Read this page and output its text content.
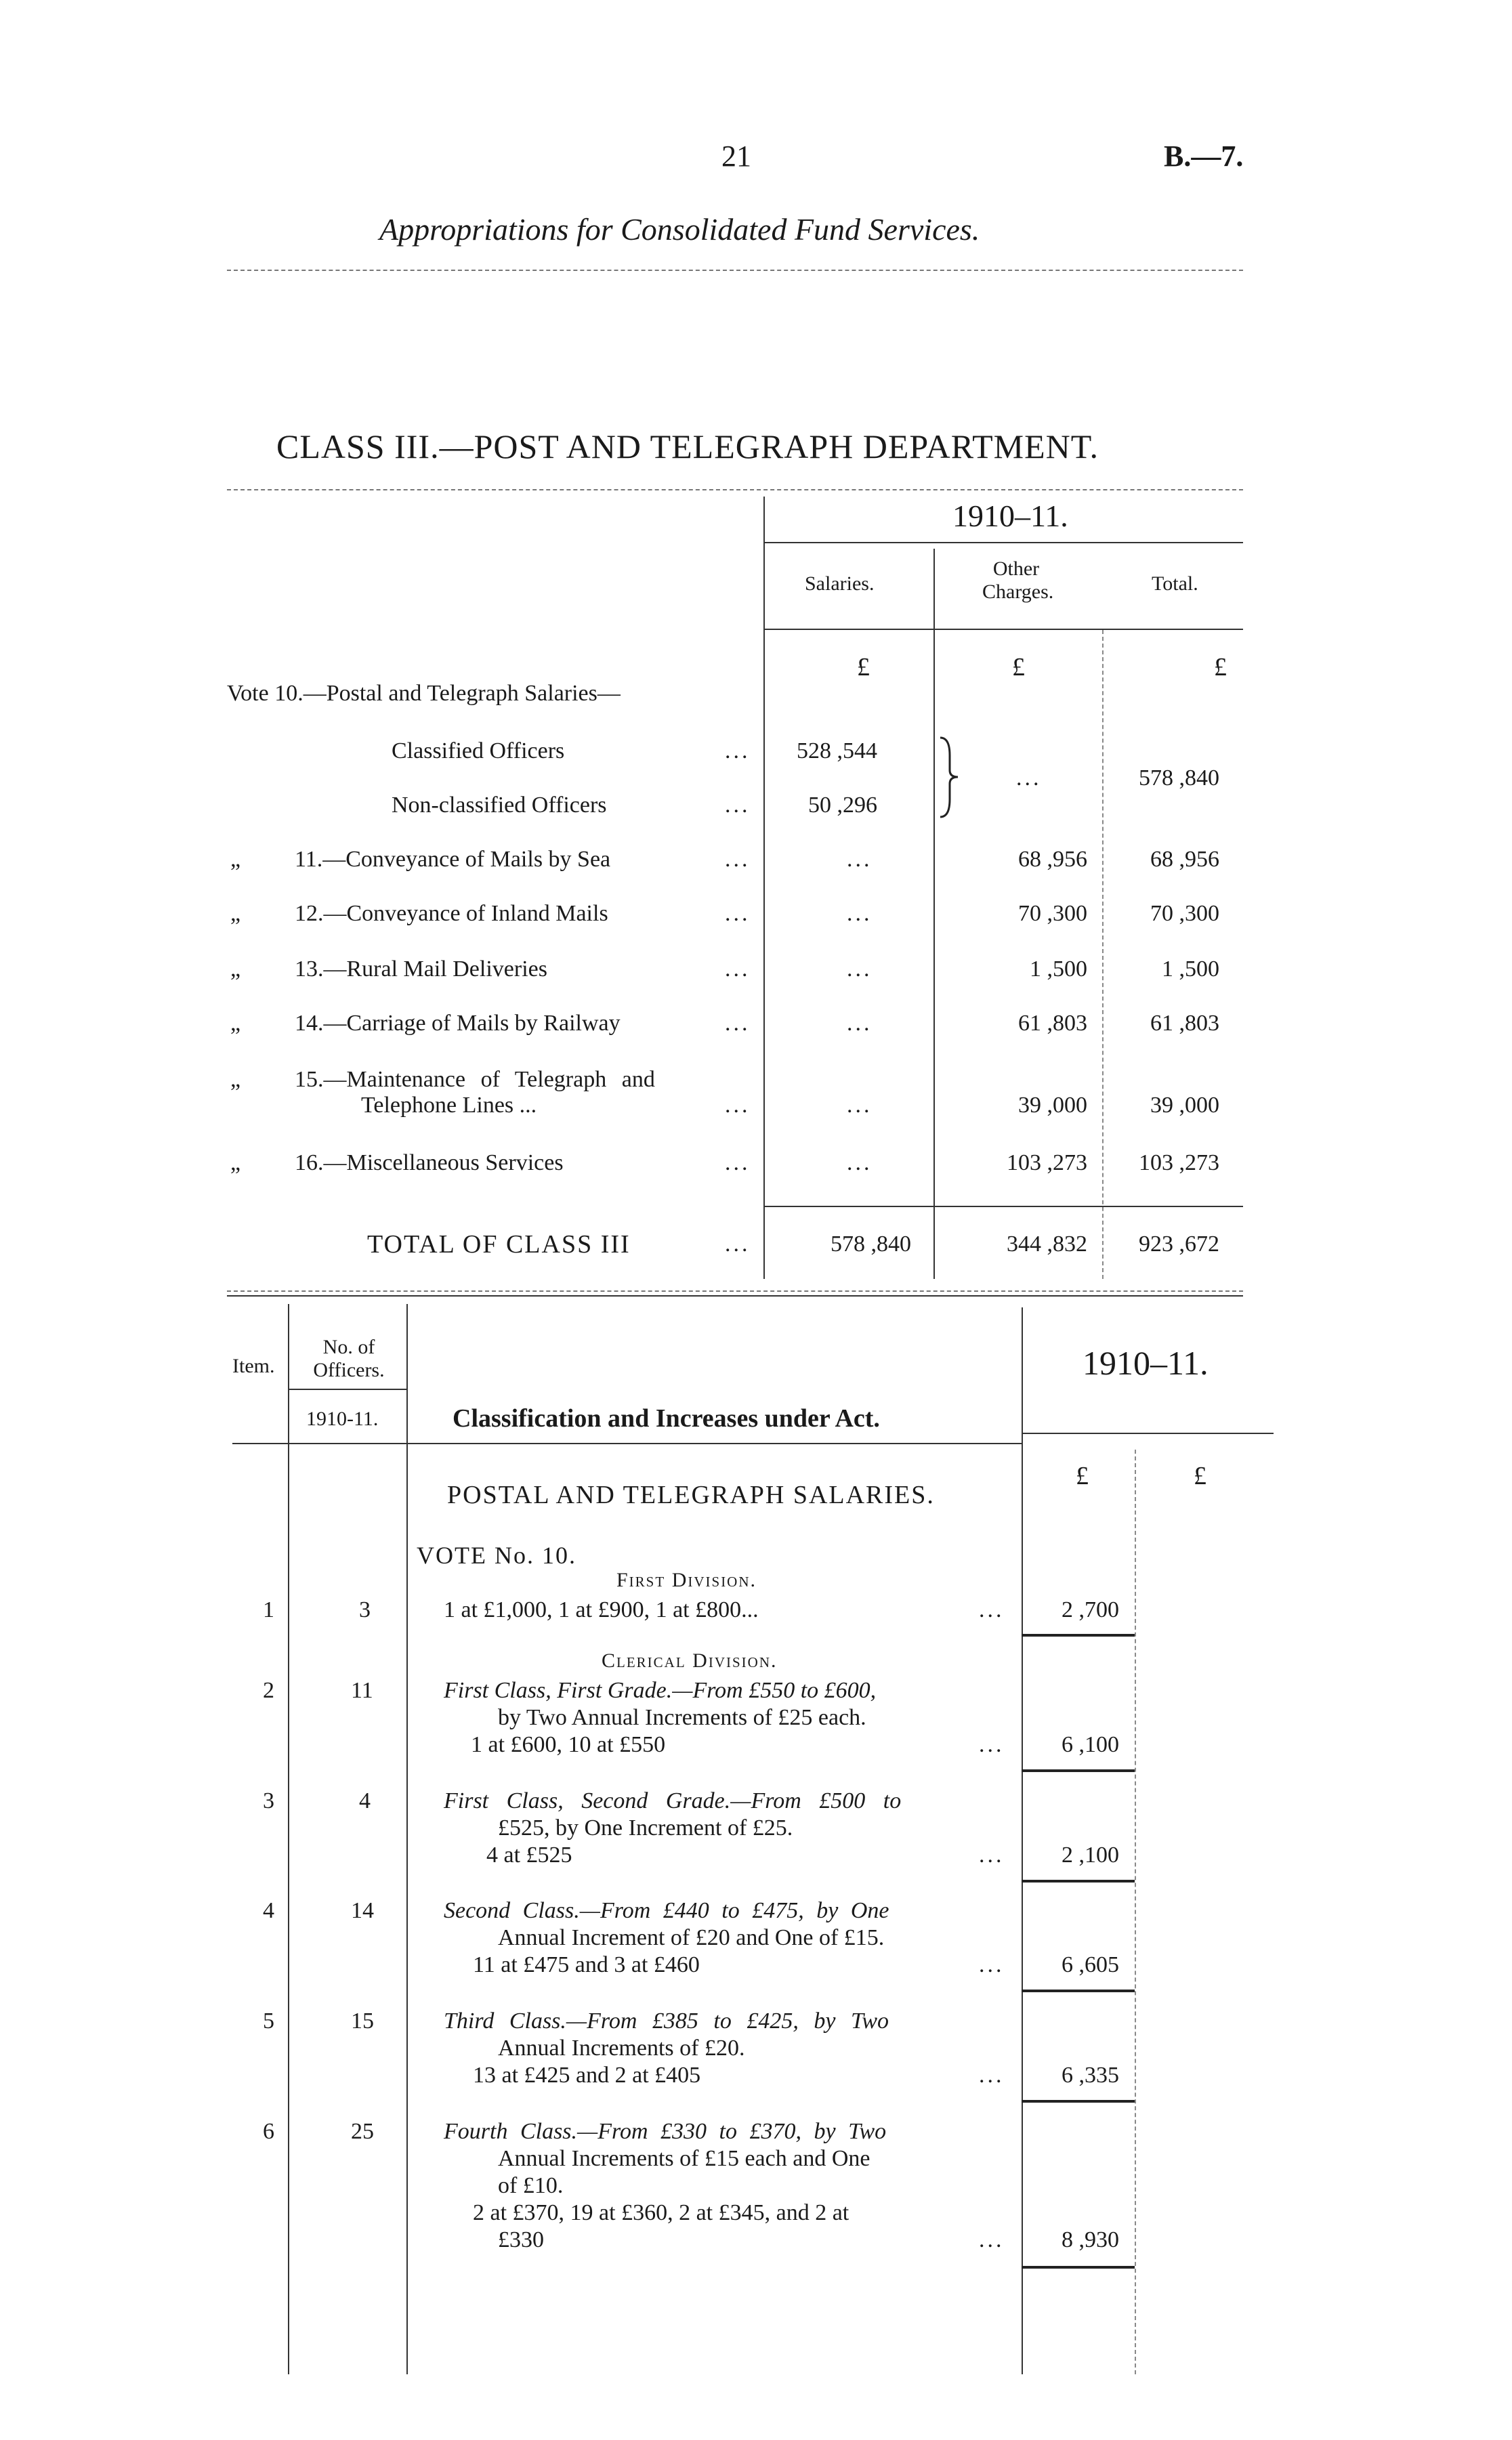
21	B.—7.
Appropriations for Consolidated Fund Services.
CLASS III.—POST AND TELEGRAPH DEPARTMENT.
1910–11.
Salaries.
Other Charges.	Total.
£	£	£
Vote 10.—Postal and Telegraph Salaries—
Classified Officers	...	528 ,544
Non-classified Officers	...	50 ,296
...	578 ,840
„ 11.—Conveyance of Mails by Sea	...	...	68 ,956	68 ,956
„ 12.—Conveyance of Inland Mails	...	...	70 ,300	70 ,300
„ 13.—Rural Mail Deliveries	...	...	1 ,500	1 ,500
„ 14.—Carriage of Mails by Railway	...	...	61 ,803	61 ,803
„ 15.—Maintenance of Telegraph and
Telephone Lines ...	...	...	39 ,000	39 ,000
„ 16.—Miscellaneous Services	...	...	103 ,273	103 ,273
TOTAL OF CLASS III	...	578 ,840	344 ,832	923 ,672
Item.
No. of Officers.
1910-11.	Classification and Increases under Act.
1910–11.
£	£
POSTAL AND TELEGRAPH SALARIES.
VOTE No. 10.
First Division.
1	3	1 at £1,000, 1 at £900, 1 at £800...	...	2 ,700
Clerical Division.
2	11	First Class, First Grade.—From £550 to £600,
by Two Annual Increments of £25 each.
1 at £600, 10 at £550	...	6 ,100
3	4	First Class, Second Grade.—From £500 to
£525, by One Increment of £25.
4 at £525	...	2 ,100
4	14	Second Class.—From £440 to £475, by One
Annual Increment of £20 and One of £15.
11 at £475 and 3 at £460	...	6 ,605
5	15	Third Class.—From £385 to £425, by Two
Annual Increments of £20.
13 at £425 and 2 at £405	...	6 ,335
6	25	Fourth Class.—From £330 to £370, by Two
Annual Increments of £15 each and One
of £10.
2 at £370, 19 at £360, 2 at £345, and 2 at
£330	...	8 ,930
